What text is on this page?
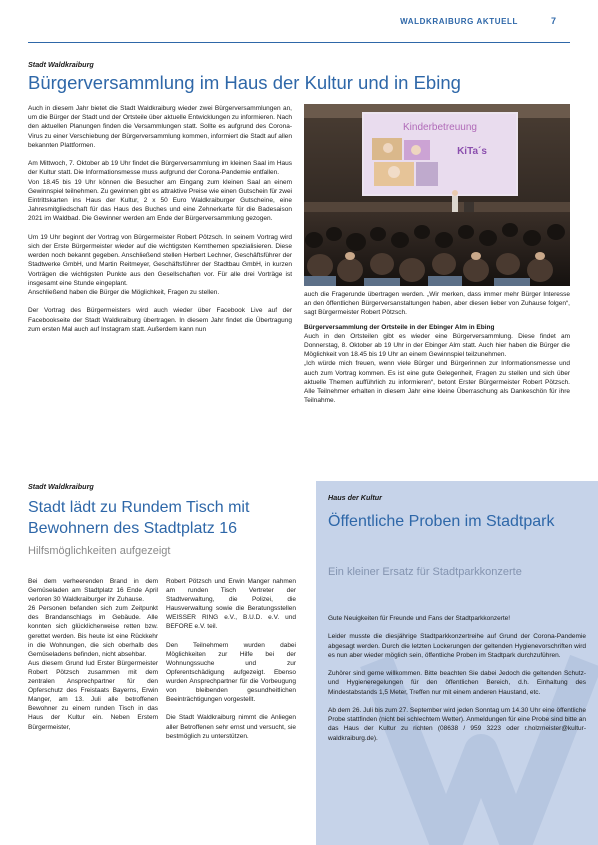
WALDKRAIBURG AKTUELL	7
Stadt Waldkraiburg
Bürgerversammlung im Haus der Kultur und in Ebing

Auch in diesem Jahr bietet die Stadt Waldkraiburg wieder zwei Bürgerversammlungen an, um die Bürger der Stadt und der Ortsteile über aktuelle Entwicklungen zu informieren. Nach den aktuellen Planungen finden die Versammlungen statt. Sollte es aufgrund des Corona-Virus zu einer Verschiebung der Bürgerversammlung kommen, informiert die Stadt auf allen bekannten Plattformen.

Am Mittwoch, 7. Oktober ab 19 Uhr findet die Bürgerversammlung im kleinen Saal im Haus der Kultur statt. Die Informationsmesse muss aufgrund der Corona-Pandemie entfallen.

Von 18.45 bis 19 Uhr können die Besucher am Eingang zum kleinen Saal an einem Gewinnspiel teilnehmen. Zu gewinnen gibt es attraktive Preise wie einen Gutschein für zwei Eintrittskarten ins Haus der Kultur, 2 x 50 Euro Waldkraiburger Gutscheine, eine Jahresmitgliedschaft für das Haus des Buches und eine Zehnerkarte für die Badesaison 2021 im Waldbad. Die Gewinner werden am Ende der Bürgerversammlung gezogen.

Um 19 Uhr beginnt der Vortrag von Bürgermeister Robert Pötzsch. In seinem Vortrag wird sich der Erste Bürgermeister wieder auf die wichtigsten Kernthemen spezialisieren. Diese werden noch bekannt gegeben. Anschließend stellen Herbert Lechner, Geschäftsführer der Stadtwerke GmbH, und Martin Reitmeyer, Geschäftsführer der Stadtbau GmbH, in kurzen Vorträgen die wichtigsten Punkte aus den Gesellschaften vor. Für alle drei Vorträge ist insgesamt eine Stunde eingeplant.

Anschließend haben die Bürger die Möglichkeit, Fragen zu stellen.

Der Vortrag des Bürgermeisters wird auch wieder über Facebook Live auf der Facebookseite der Stadt Waldkraiburg übertragen. In diesem Jahr findet die Übertragung zum ersten Mal auch auf Instagram statt. Außerdem kann nun

Kinderbetreuung
KiTa´s

auch die Fragerunde übertragen werden. „Wir merken, dass immer mehr Bürger Interesse an den öffentlichen Bürgerversanstaltungen haben, aber diesen lieber von Zuhause folgen“, sagt Bürgermeister Robert Pötzsch.

Bürgerversammlung der Ortsteile in der Ebinger Alm in Ebing

Auch in den Ortsteilen gibt es wieder eine Bürgerversammlung. Diese findet am Donnerstag, 8. Oktober ab 19 Uhr in der Ebinger Alm statt. Auch hier haben die Bürger die Möglichkeit von 18.45 bis 19 Uhr an einem Gewinnspiel teilzunehmen.

„Ich würde mich freuen, wenn viele Bürger und Bürgerinnen zur Informationsmesse und auch zum Vortrag kommen. Es ist eine gute Gelegenheit, Fragen zu stellen und sich über aktuelle Themen aufführlich zu informieren“, betont Erster Bürgermeister Robert Pötzsch. Alle Teilnehmer erhalten in diesem Jahr eine kleine Überraschung als Dankeschön für ihre Teilnahme.

Stadt Waldkraiburg
Stadt lädt zu Rundem Tisch mit Bewohnern des Stadtplatz 16
Hilfsmöglichkeiten aufgezeigt

Bei dem verheerenden Brand in dem Gemüseladen am Stadtplatz 16 Ende April verloren 30 Waldkraiburger ihr Zuhause.

26 Personen befanden sich zum Zeitpunkt des Brandanschlags im Gebäude. Alle konnten sich glücklicherweise retten bzw. gerettet werden. Bis heute ist eine Rückkehr in die Wohnungen, die sich oberhalb des Gemüseladens befinden, nicht absehbar.

Aus diesem Grund lud Erster Bürgermeister Robert Pötzsch zusammen mit dem zentralen Ansprechpartner für den Opferschutz des Freistaats Bayerns, Erwin Manger, am 13. Juli alle betroffenen Bewohner zu einem runden Tisch in das Haus der Kultur ein. Neben Erstem Bürgermeister,

Robert Pötzsch und Erwin Manger nahmen am runden Tisch Vertreter der Stadtverwaltung, die Polizei, die Hausverwaltung sowie die Beratungsstellen WEISSER RING e.V., B.U.D. e.V. und BEFORE e.V. teil.

Den Teilnehmern wurden dabei Möglichkeiten zur Hilfe bei der Wohnungssuche und zur Opferentschädigung aufgezeigt. Ebenso wurden Ansprechpartner für die Vorbeugung von bleibenden gesundheitlichen Beeinträchtigungen vorgestellt.

Die Stadt Waldkraiburg nimmt die Anliegen aller Betroffenen sehr ernst und versucht, sie bestmöglich zu unterstützen.

Haus der Kultur
Öffentliche Proben im Stadtpark
Ein kleiner Ersatz für Stadtparkkonzerte

Gute Neuigkeiten für Freunde und Fans der Stadtparkkonzerte!

Leider musste die diesjährige Stadtparkkonzertreihe auf Grund der Corona-Pandemie abgesagt werden. Durch die letzten Lockerungen der geltenden Hygienevorschriften wird es nun aber wieder möglich sein, öffentliche Proben im Stadtpark durchzuführen.

Zuhörer sind gerne willkommen. Bitte beachten Sie dabei Jedoch die geltenden Schutz- und Hygieneregelungen für den öffentlichen Bereich, d.h. Einhaltung des Mindestabstands 1,5 Meter, Treffen nur mit einem anderen Haustand, etc.

Ab dem 26. Juli bis zum 27. September wird jeden Sonntag um 14.30 Uhr eine öffentliche Probe stattfinden (nicht bei schlechtem Wetter). Anmeldungen für eine Probe sind bitte an das Haus der Kultur zu richten (08638 / 959 3223 oder r.holzmeister@kultur-waldkraiburg.de).
